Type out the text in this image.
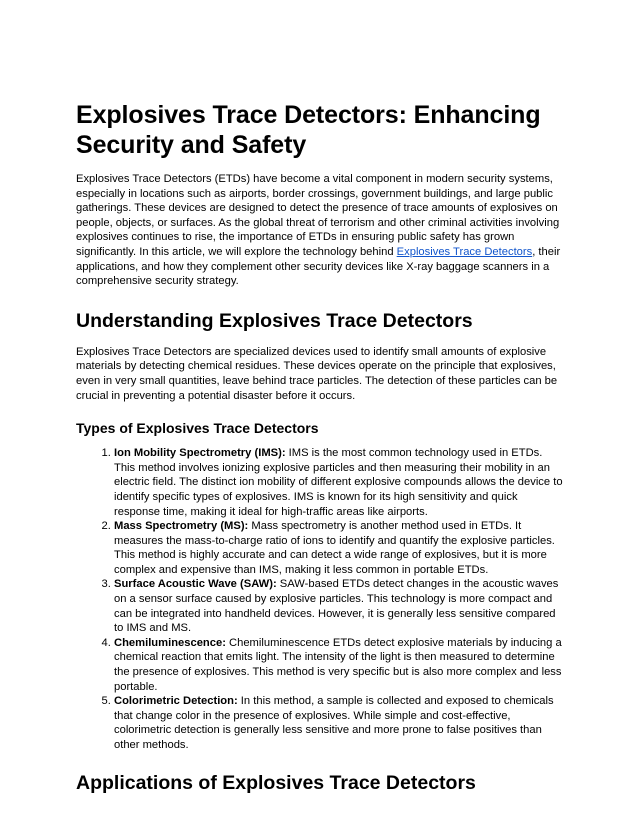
Explosives Trace Detectors: Enhancing Security and Safety

Explosives Trace Detectors (ETDs) have become a vital component in modern security systems, especially in locations such as airports, border crossings, government buildings, and large public gatherings. These devices are designed to detect the presence of trace amounts of explosives on people, objects, or surfaces. As the global threat of terrorism and other criminal activities involving explosives continues to rise, the importance of ETDs in ensuring public safety has grown significantly. In this article, we will explore the technology behind Explosives Trace Detectors, their applications, and how they complement other security devices like X-ray baggage scanners in a comprehensive security strategy.

Understanding Explosives Trace Detectors

Explosives Trace Detectors are specialized devices used to identify small amounts of explosive materials by detecting chemical residues. These devices operate on the principle that explosives, even in very small quantities, leave behind trace particles. The detection of these particles can be crucial in preventing a potential disaster before it occurs.

Types of Explosives Trace Detectors
1. Ion Mobility Spectrometry (IMS): IMS is the most common technology used in ETDs. This method involves ionizing explosive particles and then measuring their mobility in an electric field. The distinct ion mobility of different explosive compounds allows the device to identify specific types of explosives. IMS is known for its high sensitivity and quick response time, making it ideal for high-traffic areas like airports.
2. Mass Spectrometry (MS): Mass spectrometry is another method used in ETDs. It measures the mass-to-charge ratio of ions to identify and quantify the explosive particles. This method is highly accurate and can detect a wide range of explosives, but it is more complex and expensive than IMS, making it less common in portable ETDs.
3. Surface Acoustic Wave (SAW): SAW-based ETDs detect changes in the acoustic waves on a sensor surface caused by explosive particles. This technology is more compact and can be integrated into handheld devices. However, it is generally less sensitive compared to IMS and MS.
4. Chemiluminescence: Chemiluminescence ETDs detect explosive materials by inducing a chemical reaction that emits light. The intensity of the light is then measured to determine the presence of explosives. This method is very specific but is also more complex and less portable.
5. Colorimetric Detection: In this method, a sample is collected and exposed to chemicals that change color in the presence of explosives. While simple and cost-effective, colorimetric detection is generally less sensitive and more prone to false positives than other methods.
Applications of Explosives Trace Detectors
